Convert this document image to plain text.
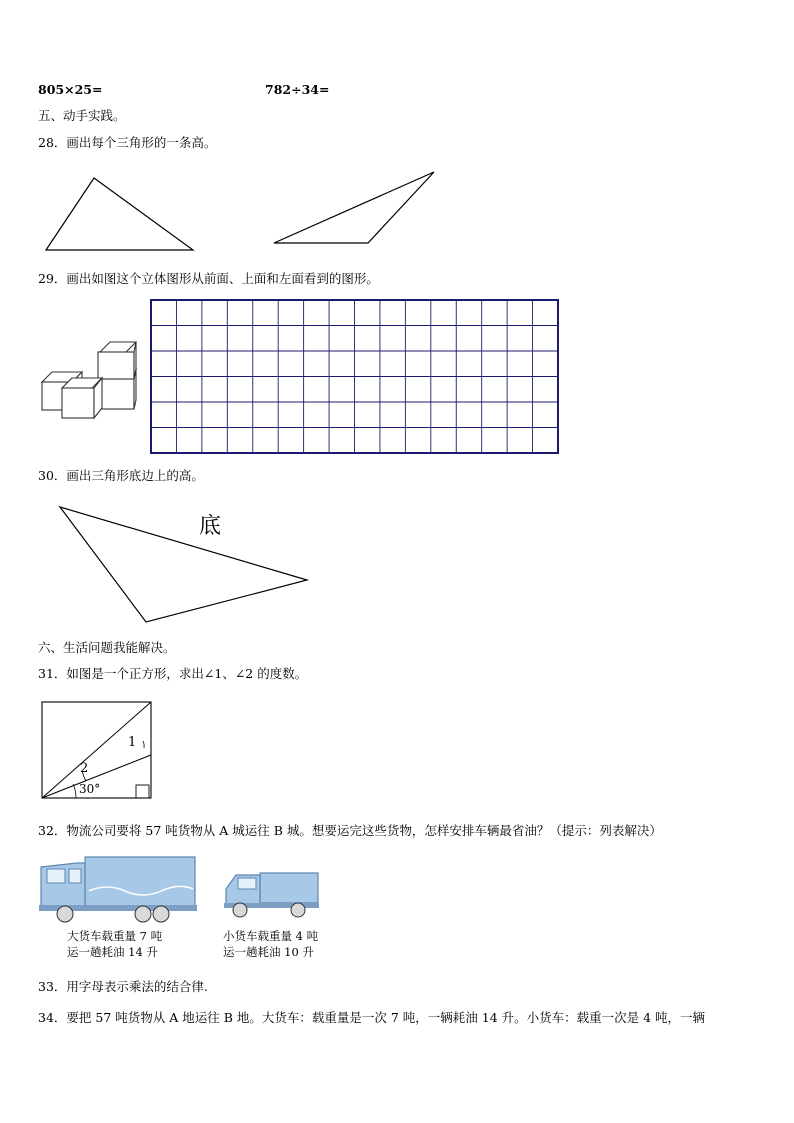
805×25=	782÷34=
五、动手实践。
28．画出每个三角形的一条高。
29．画出如图这个立体图形从前面、上面和左面看到的图形。
30．画出三角形底边上的高。
底
六、生活问题我能解决。
31．如图是一个正方形，求出∠1、∠2 的度数。
1
2
30°
32．物流公司要将 57 吨货物从 A 城运往 B 城。想要运完这些货物，怎样安排车辆最省油？（提示：列表解决）
大货车载重量 7 吨
运一趟耗油 14 升
小货车载重量 4 吨
运一趟耗油 10 升
33．用字母表示乘法的结合律.
34．要把 57 吨货物从 A 地运往 B 地。大货车：载重量是一次 7 吨，一辆耗油 14 升。小货车：载重一次是 4 吨，一辆
